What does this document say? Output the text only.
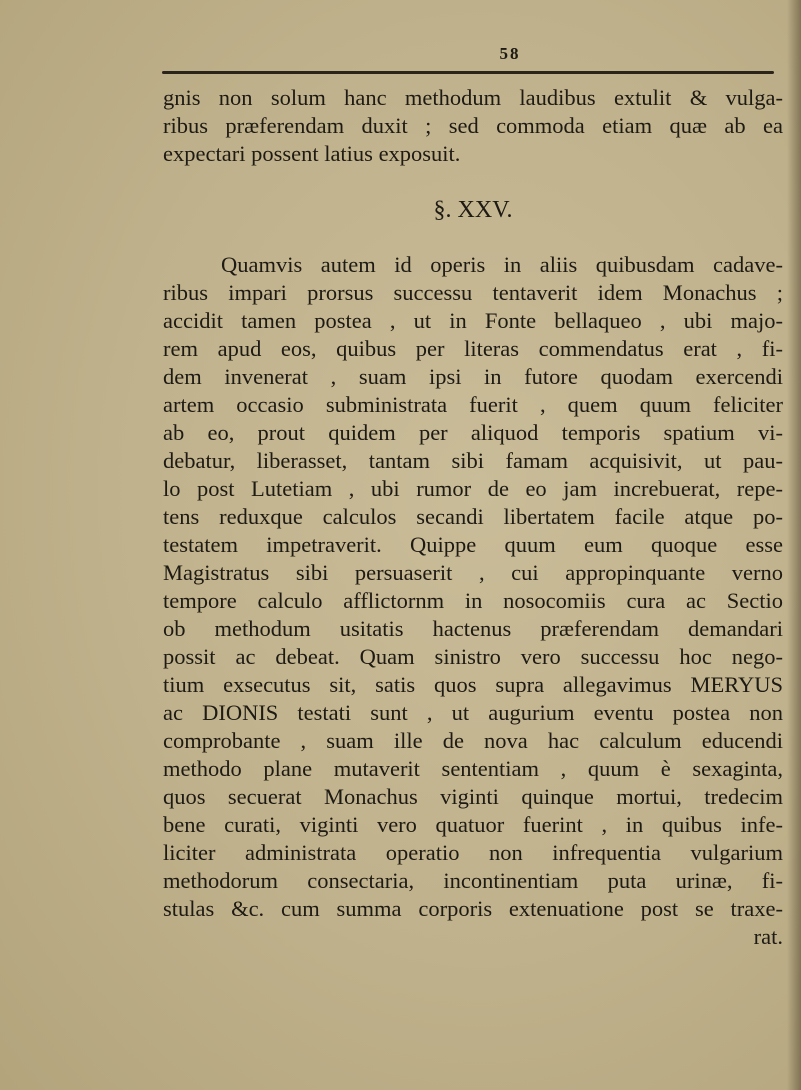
58
gnis non solum hanc methodum laudibus extulit & vulga-
ribus præferendam duxit ; sed commoda etiam quæ ab ea
expectari possent latius exposuit.
§. XXV.
Quamvis autem id operis in aliis quibusdam cadave-
ribus impari prorsus successu tentaverit idem Monachus ;
accidit tamen postea , ut in Fonte bellaqueo , ubi majo-
rem apud eos, quibus per literas commendatus erat , fi-
dem invenerat , suam ipsi in futore quodam exercendi
artem occasio subministrata fuerit , quem quum feliciter
ab eo, prout quidem per aliquod temporis spatium vi-
debatur, liberasset, tantam sibi famam acquisivit, ut pau-
lo post Lutetiam , ubi rumor de eo jam increbuerat, repe-
tens reduxque calculos secandi libertatem facile atque po-
testatem impetraverit. Quippe quum eum quoque esse
Magistratus sibi persuaserit , cui appropinquante verno
tempore calculo afflictornm in nosocomiis cura ac Sectio
ob methodum usitatis hactenus præferendam demandari
possit ac debeat. Quam sinistro vero successu hoc nego-
tium exsecutus sit, satis quos supra allegavimus MERYUS
ac DIONIS testati sunt , ut augurium eventu postea non
comprobante , suam ille de nova hac calculum educendi
methodo plane mutaverit sententiam , quum è sexaginta,
quos secuerat Monachus viginti quinque mortui, tredecim
bene curati, viginti vero quatuor fuerint , in quibus infe-
liciter administrata operatio non infrequentia vulgarium
methodorum consectaria, incontinentiam puta urinæ, fi-
stulas &c. cum summa corporis extenuatione post se traxe-
rat.
